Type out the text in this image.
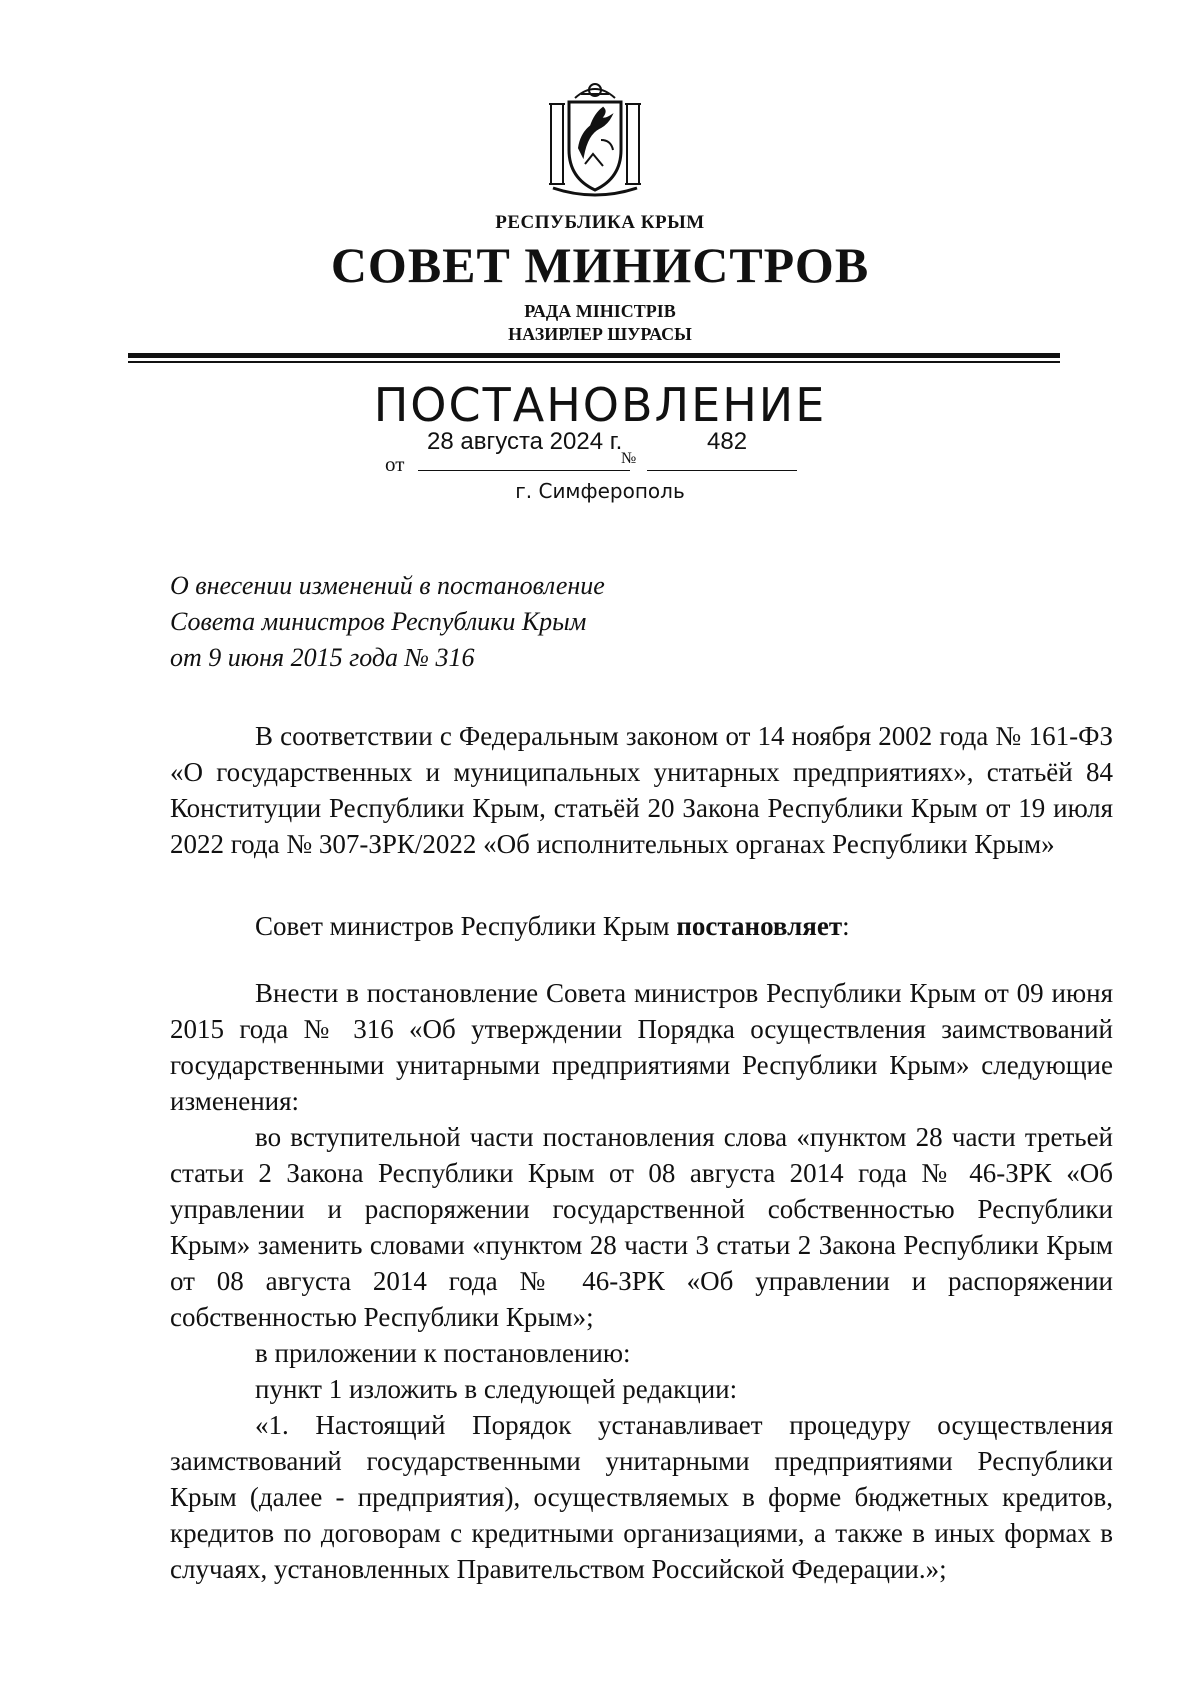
РЕСПУБЛИКА КРЫМ
СОВЕТ МИНИСТРОВ
РАДА МІНІСТРІВ
НАЗИРЛЕР ШУРАСЫ
ПОСТАНОВЛЕНИЕ
от
28 августа 2024 г.
№
482
г. Симферополь
О внесении изменений в постановление
Совета министров Республики Крым
от 9 июня 2015 года № 316

В соответствии с Федеральным законом от 14 ноября 2002 года № 161-ФЗ «О государственных и муниципальных унитарных предприятиях», статьёй 84 Конституции Республики Крым, статьёй 20 Закона Республики Крым от 19 июля 2022 года № 307-ЗРК/2022 «Об исполнительных органах Республики Крым»

Совет министров Республики Крым постановляет:

Внести в постановление Совета министров Республики Крым от 09 июня 2015 года № 316 «Об утверждении Порядка осуществления заимствований государственными унитарными предприятиями Республики Крым» следующие изменения:

во вступительной части постановления слова «пунктом 28 части третьей статьи 2 Закона Республики Крым от 08 августа 2014 года № 46-ЗРК «Об управлении и распоряжении государственной собственностью Республики Крым» заменить словами «пунктом 28 части 3 статьи 2 Закона Республики Крым от 08 августа 2014 года № 46-ЗРК «Об управлении и распоряжении собственностью Республики Крым»;

в приложении к постановлению:

пункт 1 изложить в следующей редакции:

«1. Настоящий Порядок устанавливает процедуру осуществления заимствований государственными унитарными предприятиями Республики Крым (далее - предприятия), осуществляемых в форме бюджетных кредитов, кредитов по договорам с кредитными организациями, а также в иных формах в случаях, установленных Правительством Российской Федерации.»;
